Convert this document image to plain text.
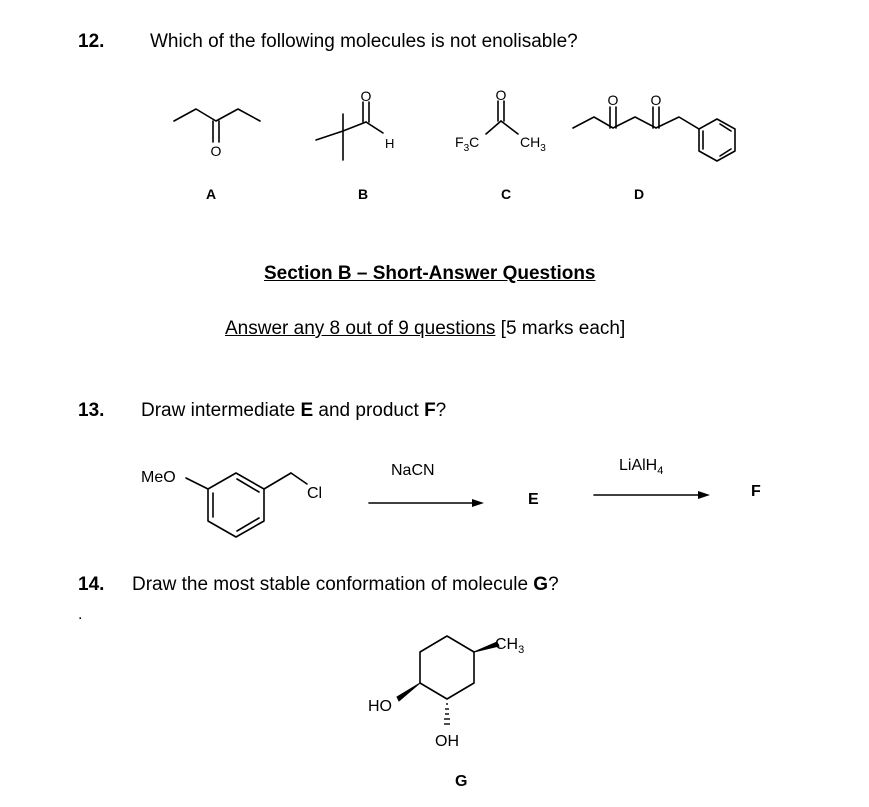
12. Which of the following molecules is not enolisable?
O
O
H	$F_3C$
O
$CH_3$
O O
A	B	C	D
Section B – Short-Answer Questions
Answer any 8 out of 9 questions [5 marks each]
13. Draw intermediate E and product F?
MeO
Cl
NaCN
E
LiAlH$_4$
F
14. Draw the most stable conformation of molecule G?
.
$CH_3$
HO
OH
G
